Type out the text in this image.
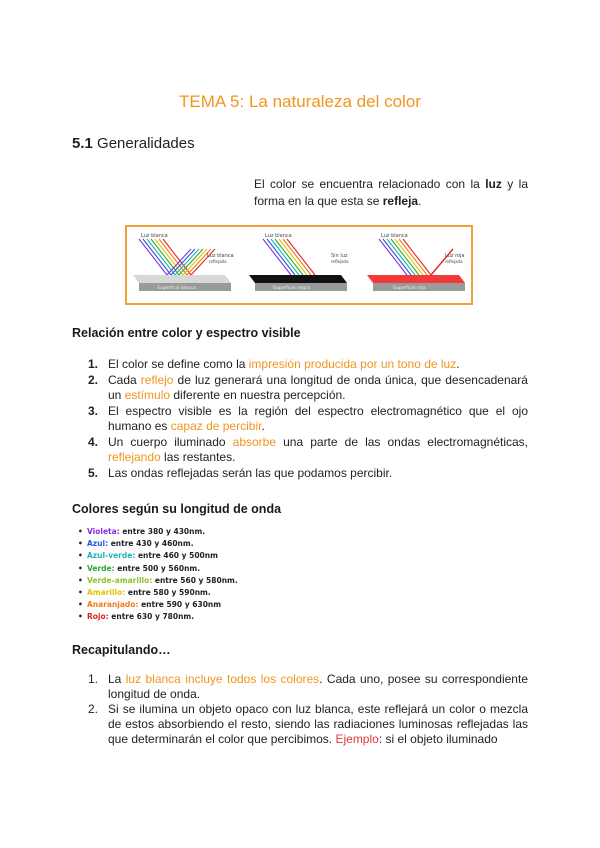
TEMA 5: La naturaleza del color
5.1 Generalidades
El color se encuentra relacionado con la luz y la forma en la que esta se refleja.
Luz blanca
Luz blanca
reflejada
Superficie blanca
Luz blanca
Sin luz
reflejada
Superficie negra
Luz blanca
Luz roja
reflejada
Superficie roja
Relación entre color y espectro visible
1. El color se define como la impresión producida por un tono de luz.
2. Cada reflejo de luz generará una longitud de onda única, que desencadenará un estímulo diferente en nuestra percepción.
3. El espectro visible es la región del espectro electromagnético que el ojo humano es capaz de percibir.
4. Un cuerpo iluminado absorbe una parte de las ondas electromagnéticas, reflejando las restantes.
5. Las ondas reflejadas serán las que podamos percibir.
Colores según su longitud de onda
• Violeta: entre 380 y 430nm.
• Azul: entre 430 y 460nm.
• Azul-verde: entre 460 y 500nm
• Verde: entre 500 y 560nm.
• Verde-amarillo: entre 560 y 580nm.
• Amarillo: entre 580 y 590nm.
• Anaranjado: entre 590 y 630nm
• Rojo: entre 630 y 780nm.
Recapitulando…
1. La luz blanca incluye todos los colores. Cada uno, posee su correspondiente longitud de onda.
2. Si se ilumina un objeto opaco con luz blanca, este reflejará un color o mezcla de estos absorbiendo el resto, siendo las radiaciones luminosas reflejadas las que determinarán el color que percibimos. Ejemplo: si el objeto iluminado
